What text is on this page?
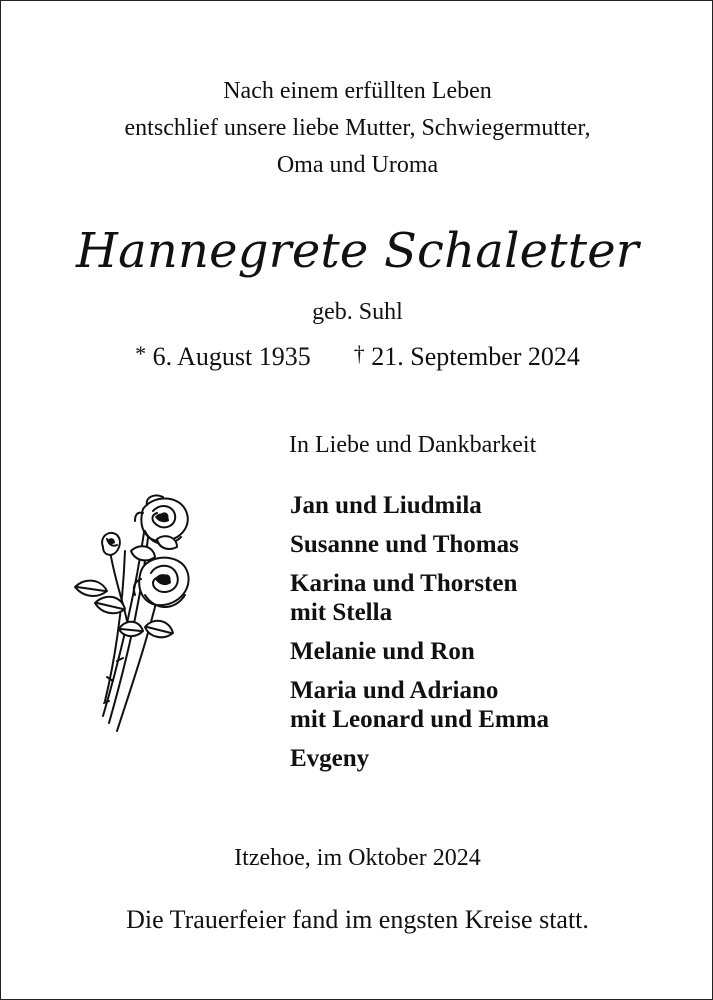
Nach einem erfüllten Leben
entschlief unsere liebe Mutter, Schwiegermutter,
Oma und Uroma
Hannegrete Schaletter
geb. Suhl
* 6. August 1935 † 21. September 2024
In Liebe und Dankbarkeit
Jan und Liudmila
Susanne und Thomas
Karina und Thorsten
mit Stella
Melanie und Ron
Maria und Adriano
mit Leonard und Emma
Evgeny
Itzehoe, im Oktober 2024
Die Trauerfeier fand im engsten Kreise statt.
